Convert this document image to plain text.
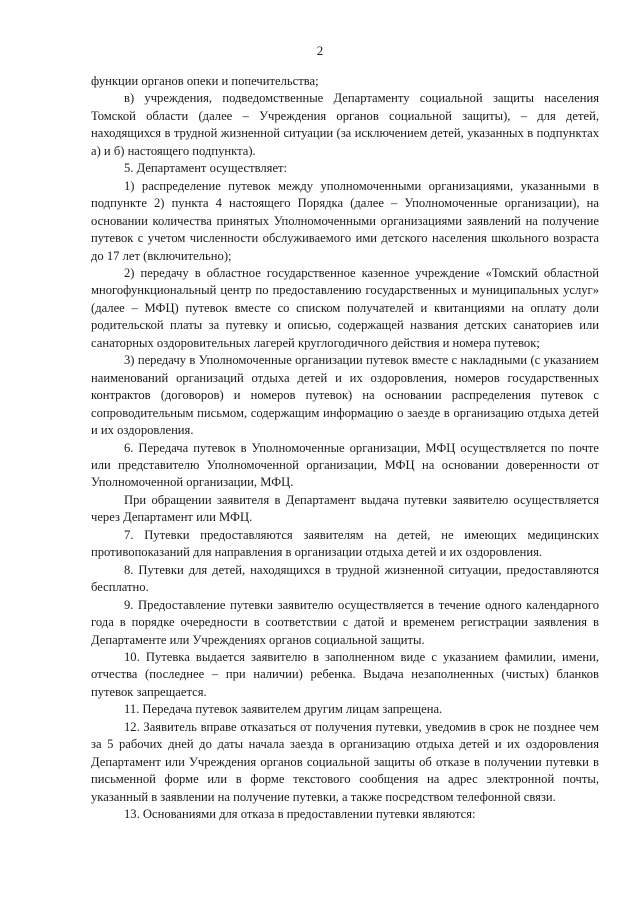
2

функции органов опеки и попечительства;

в) учреждения, подведомственные Департаменту социальной защиты населения Томской области (далее – Учреждения органов социальной защиты), – для детей, находящихся в трудной жизненной ситуации (за исключением детей, указанных в подпунктах а) и б) настоящего подпункта).

5. Департамент осуществляет:

1) распределение путевок между уполномоченными организациями, указанными в подпункте 2) пункта 4 настоящего Порядка (далее – Уполномоченные организации), на основании количества принятых Уполномоченными организациями заявлений на получение путевок с учетом численности обслуживаемого ими детского населения школьного возраста до 17 лет (включительно);

2) передачу в областное государственное казенное учреждение «Томский областной многофункциональный центр по предоставлению государственных и муниципальных услуг» (далее – МФЦ) путевок вместе со списком получателей и квитанциями на оплату доли родительской платы за путевку и описью, содержащей названия детских санаториев или санаторных оздоровительных лагерей круглогодичного действия и номера путевок;

3) передачу в Уполномоченные организации путевок вместе с накладными (с указанием наименований организаций отдыха детей и их оздоровления, номеров государственных контрактов (договоров) и номеров путевок) на основании распределения путевок с сопроводительным письмом, содержащим информацию о заезде в организацию отдыха детей и их оздоровления.

6. Передача путевок в Уполномоченные организации, МФЦ осуществляется по почте или представителю Уполномоченной организации, МФЦ на основании доверенности от Уполномоченной организации, МФЦ.

При обращении заявителя в Департамент выдача путевки заявителю осуществляется через Департамент или МФЦ.

7. Путевки предоставляются заявителям на детей, не имеющих медицинских противопоказаний для направления в организации отдыха детей и их оздоровления.

8. Путевки для детей, находящихся в трудной жизненной ситуации, предоставляются бесплатно.

9. Предоставление путевки заявителю осуществляется в течение одного календарного года в порядке очередности в соответствии с датой и временем регистрации заявления в Департаменте или Учреждениях органов социальной защиты.

10. Путевка выдается заявителю в заполненном виде с указанием фамилии, имени, отчества (последнее – при наличии) ребенка. Выдача незаполненных (чистых) бланков путевок запрещается.

11. Передача путевок заявителем другим лицам запрещена.

12. Заявитель вправе отказаться от получения путевки, уведомив в срок не позднее чем за 5 рабочих дней до даты начала заезда в организацию отдыха детей и их оздоровления Департамент или Учреждения органов социальной защиты об отказе в получении путевки в письменной форме или в форме текстового сообщения на адрес электронной почты, указанный в заявлении на получение путевки, а также посредством телефонной связи.

13. Основаниями для отказа в предоставлении путевки являются:
